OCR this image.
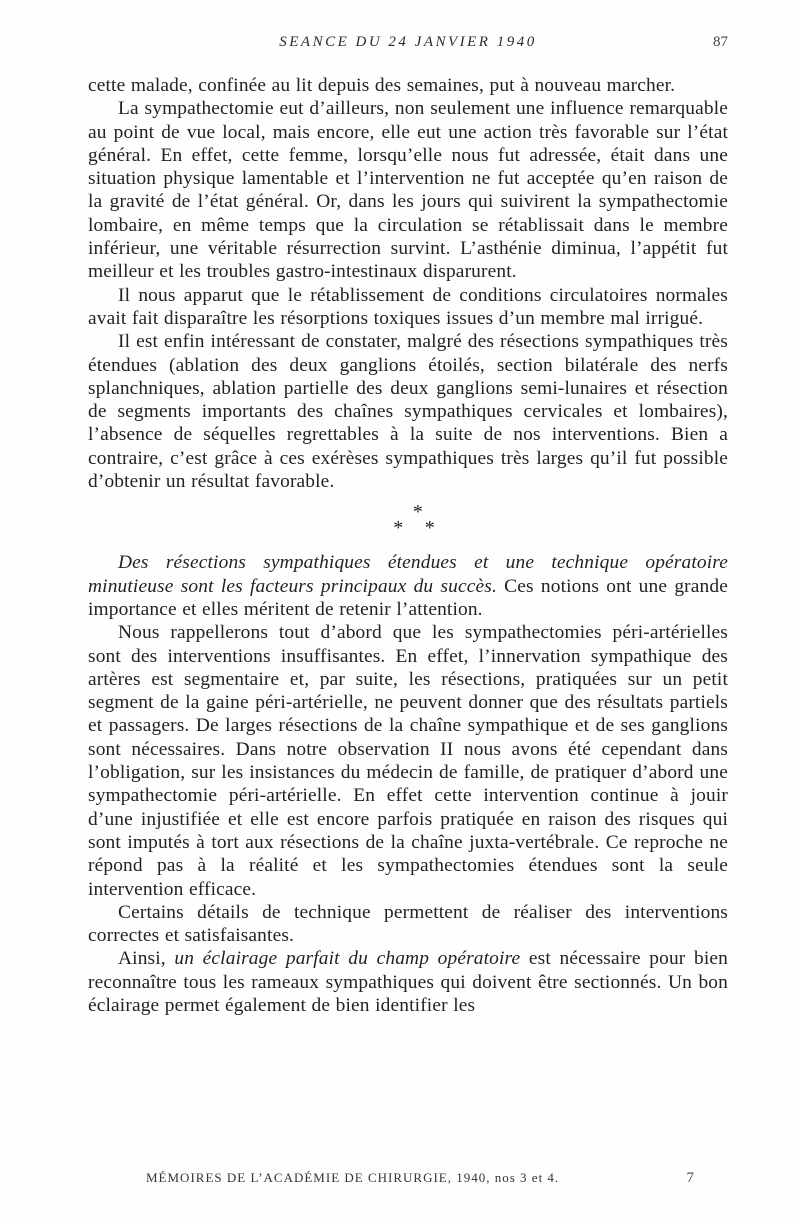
SEANCE DU 24 JANVIER 1940	87

cette malade, confinée au lit depuis des semaines, put à nouveau marcher.

La sympathectomie eut d’ailleurs, non seulement une influence remarquable au point de vue local, mais encore, elle eut une action très favorable sur l’état général. En effet, cette femme, lorsqu’elle nous fut adressée, était dans une situation physique lamentable et l’intervention ne fut acceptée qu’en raison de la gravité de l’état général. Or, dans les jours qui suivirent la sympathectomie lombaire, en même temps que la circulation se rétablissait dans le membre inférieur, une véritable résurrection survint. L’asthénie diminua, l’appétit fut meilleur et les troubles gastro-intestinaux disparurent.

Il nous apparut que le rétablissement de conditions circulatoires normales avait fait disparaître les résorptions toxiques issues d’un membre mal irrigué.

Il est enfin intéressant de constater, malgré des résections sympathiques très étendues (ablation des deux ganglions étoilés, section bilatérale des nerfs splanchniques, ablation partielle des deux ganglions semi-lunaires et résection de segments importants des chaînes sympathiques cervicales et lombaires), l’absence de séquelles regrettables à la suite de nos interventions. Bien a contraire, c’est grâce à ces exérèses sympathiques très larges qu’il fut possible d’obtenir un résultat favorable.

*
* *

Des résections sympathiques étendues et une technique opératoire minutieuse sont les facteurs principaux du succès. Ces notions ont une grande importance et elles méritent de retenir l’attention.

Nous rappellerons tout d’abord que les sympathectomies péri-artérielles sont des interventions insuffisantes. En effet, l’innervation sympathique des artères est segmentaire et, par suite, les résections, pratiquées sur un petit segment de la gaine péri-artérielle, ne peuvent donner que des résultats partiels et passagers. De larges résections de la chaîne sympathique et de ses ganglions sont nécessaires. Dans notre observation II nous avons été cependant dans l’obligation, sur les insistances du médecin de famille, de pratiquer d’abord une sympathectomie péri-artérielle. En effet cette intervention continue à jouir d’une injustifiée et elle est encore parfois pratiquée en raison des risques qui sont imputés à tort aux résections de la chaîne juxta-vertébrale. Ce reproche ne répond pas à la réalité et les sympathectomies étendues sont la seule intervention efficace.

Certains détails de technique permettent de réaliser des interventions correctes et satisfaisantes.

Ainsi, un éclairage parfait du champ opératoire est nécessaire pour bien reconnaître tous les rameaux sympathiques qui doivent être sectionnés. Un bon éclairage permet également de bien identifier les

MÉMOIRES DE L’ACADÉMIE DE CHIRURGIE, 1940, nos 3 et 4.	7
